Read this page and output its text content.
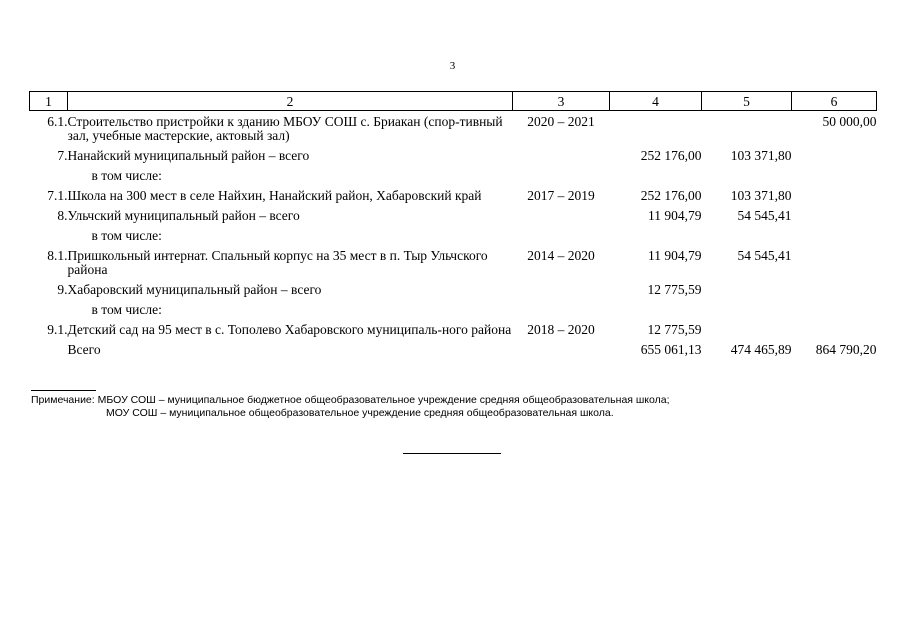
3
1	2	3	4	5	6
6.1.	Строительство пристройки к зданию МБОУ СОШ с. Бриакан (спор-тивный зал, учебные мастерские, актовый зал)	2020 – 2021			50 000,00
7.	Нанайский муниципальный район – всего		252 176,00	103 371,80	
	в том числе:				
7.1.	Школа на 300 мест в селе Найхин, Нанайский район, Хабаровский край	2017 – 2019	252 176,00	103 371,80	
8.	Ульчский муниципальный район – всего		11 904,79	54 545,41	
	в том числе:				
8.1.	Пришкольный интернат. Спальный корпус на 35 мест в п. Тыр Ульчского района	2014 – 2020	11 904,79	54 545,41	
9.	Хабаровский муниципальный район – всего		12 775,59		
	в том числе:				
9.1.	Детский сад на 95 мест в с. Тополево Хабаровского муниципаль-ного района	2018 – 2020	12 775,59		
	Всего		655 061,13	474 465,89	864 790,20
Примечание: МБОУ СОШ – муниципальное бюджетное общеобразовательное учреждение средняя общеобразовательная школа;
МОУ СОШ – муниципальное общеобразовательное учреждение средняя общеобразовательная школа.
